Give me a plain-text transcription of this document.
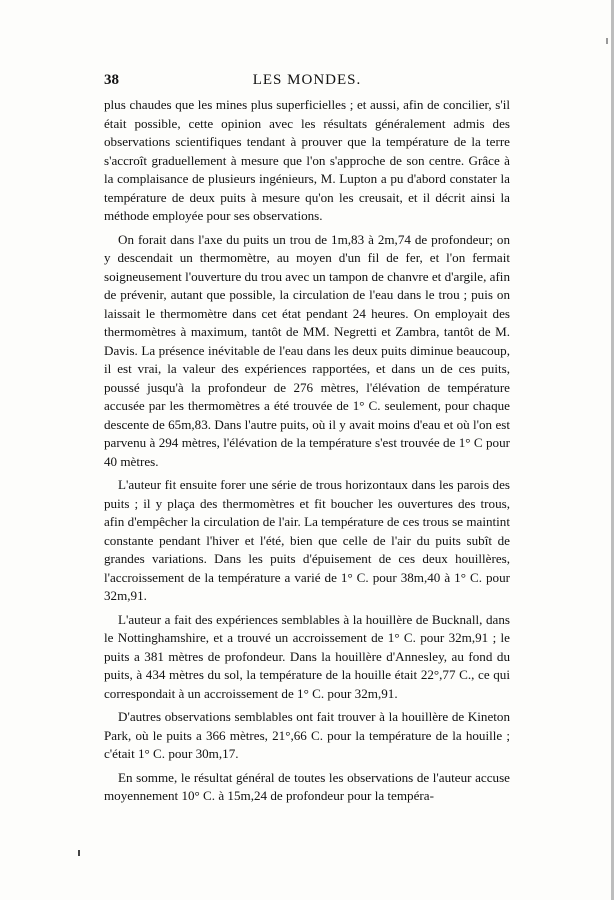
38	LES MONDES.

plus chaudes que les mines plus superficielles ; et aussi, afin de concilier, s'il était possible, cette opinion avec les résultats généralement admis des observations scientifiques tendant à prouver que la température de la terre s'accroît graduellement à mesure que l'on s'approche de son centre. Grâce à la complaisance de plusieurs ingénieurs, M. Lupton a pu d'abord constater la température de deux puits à mesure qu'on les creusait, et il décrit ainsi la méthode employée pour ses observations.

On forait dans l'axe du puits un trou de 1m,83 à 2m,74 de profondeur; on y descendait un thermomètre, au moyen d'un fil de fer, et l'on fermait soigneusement l'ouverture du trou avec un tampon de chanvre et d'argile, afin de prévenir, autant que possible, la circulation de l'eau dans le trou ; puis on laissait le thermomètre dans cet état pendant 24 heures. On employait des thermomètres à maximum, tantôt de MM. Negretti et Zambra, tantôt de M. Davis. La présence inévitable de l'eau dans les deux puits diminue beaucoup, il est vrai, la valeur des expériences rapportées, et dans un de ces puits, poussé jusqu'à la profondeur de 276 mètres, l'élévation de température accusée par les thermomètres a été trouvée de 1° C. seulement, pour chaque descente de 65m,83. Dans l'autre puits, où il y avait moins d'eau et où l'on est parvenu à 294 mètres, l'élévation de la température s'est trouvée de 1° C pour 40 mètres.

L'auteur fit ensuite forer une série de trous horizontaux dans les parois des puits ; il y plaça des thermomètres et fit boucher les ouvertures des trous, afin d'empêcher la circulation de l'air. La température de ces trous se maintint constante pendant l'hiver et l'été, bien que celle de l'air du puits subît de grandes variations. Dans les puits d'épuisement de ces deux houillères, l'accroissement de la température a varié de 1° C. pour 38m,40 à 1° C. pour 32m,91.

L'auteur a fait des expériences semblables à la houillère de Bucknall, dans le Nottinghamshire, et a trouvé un accroissement de 1° C. pour 32m,91 ; le puits a 381 mètres de profondeur. Dans la houillère d'Annesley, au fond du puits, à 434 mètres du sol, la température de la houille était 22°,77 C., ce qui correspondait à un accroissement de 1° C. pour 32m,91.

D'autres observations semblables ont fait trouver à la houillère de Kineton Park, où le puits a 366 mètres, 21°,66 C. pour la température de la houille ; c'était 1° C. pour 30m,17.

En somme, le résultat général de toutes les observations de l'auteur accuse moyennement 10° C. à 15m,24 de profondeur pour la tempéra-
